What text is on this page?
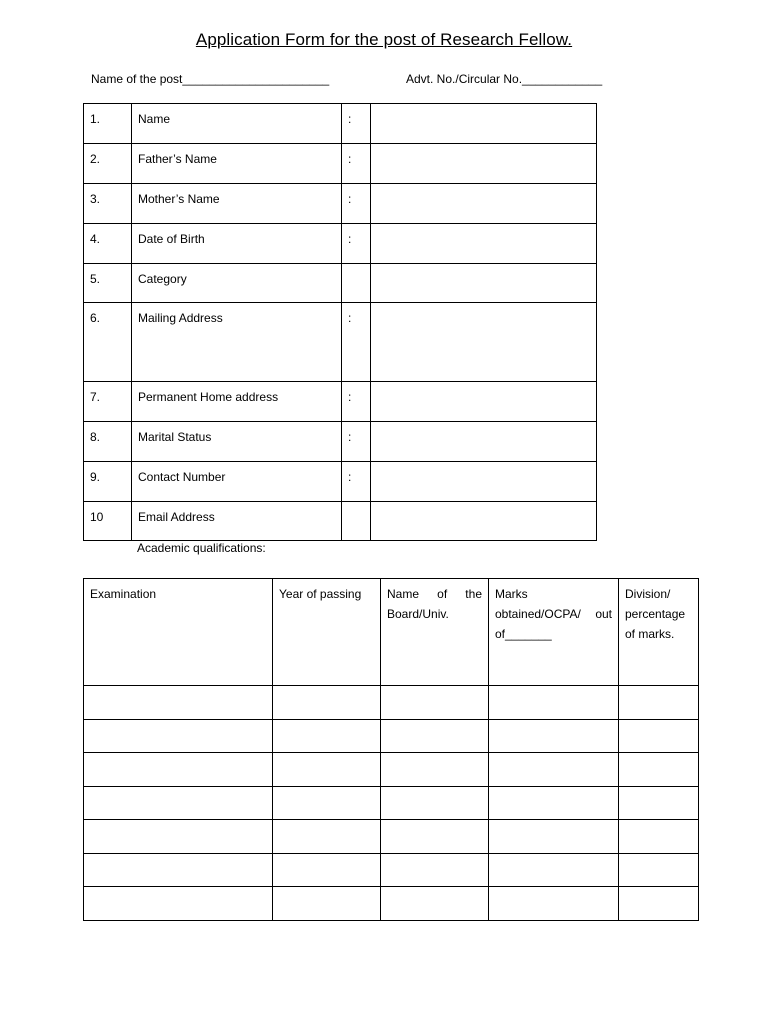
Application Form for the post of Research Fellow.
Name of the post______________________	Advt. No./Circular No.____________
1.	Name	:	

2.	Father’s Name	:	

3.	Mother’s Name	:	

4.	Date of Birth	:	

5.	Category		

6.	Mailing Address	:	

7.	Permanent Home address	:	

8.	Marital Status	:	

9.	Contact Number	:	

10	Email Address		

Academic qualifications:
Examination	Year of passing	Name of the Board/Univ.	Marks obtained/OCPA/ out of_______	Division/ percentage of marks.
